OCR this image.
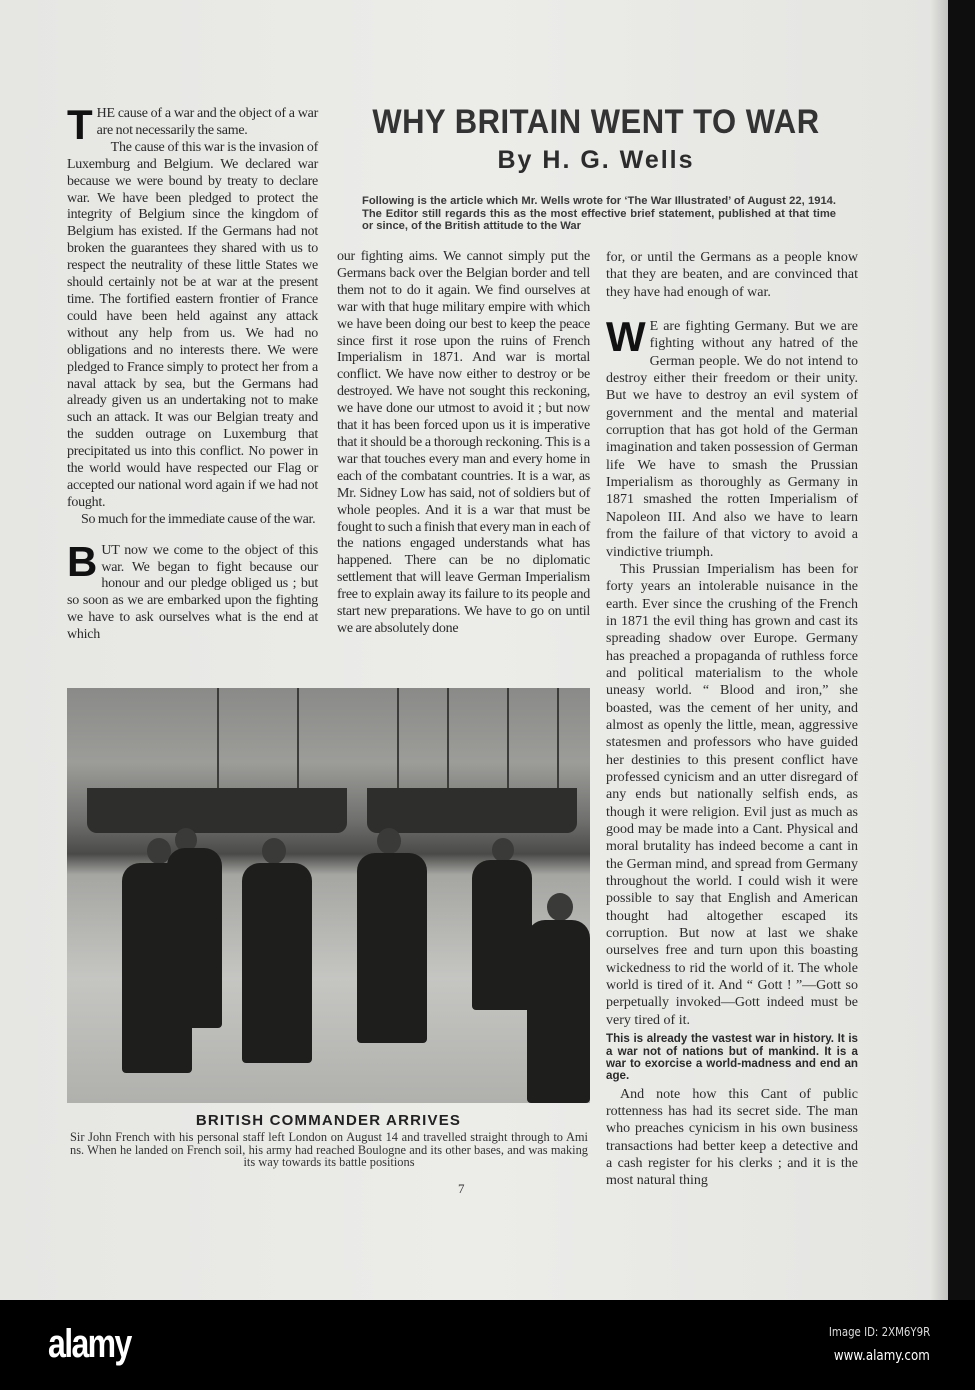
THE cause of a war and the object of a war are not necessarily the same.

The cause of this war is the invasion of Luxemburg and Belgium. We declared war because we were bound by treaty to declare war. We have been pledged to protect the integrity of Belgium since the kingdom of Belgium has existed. If the Germans had not broken the guarantees they shared with us to respect the neutrality of these little States we should certainly not be at war at the present time. The fortified eastern frontier of France could have been held against any attack without any help from us. We had no obligations and no interests there. We were pledged to France simply to protect her from a naval attack by sea, but the Germans had already given us an undertaking not to make such an attack. It was our Belgian treaty and the sudden outrage on Luxemburg that precipitated us into this conflict. No power in the world would have respected our Flag or accepted our national word again if we had not fought.

So much for the immediate cause of the war.

BUT now we come to the object of this war. We began to fight because our honour and our pledge obliged us ; but so soon as we are embarked upon the fighting we have to ask ourselves what is the end at which

WHY BRITAIN WENT TO WAR
By H. G. Wells
Following is the article which Mr. Wells wrote for ‘The War Illustrated’ of August 22, 1914. The Editor still regards this as the most effective brief statement, published at that time or since, of the British attitude to the War

our fighting aims. We cannot simply put the Germans back over the Belgian border and tell them not to do it again. We find ourselves at war with that huge military empire with which we have been doing our best to keep the peace since first it rose upon the ruins of French Imperialism in 1871. And war is mortal conflict. We have now either to destroy or be destroyed. We have not sought this reckoning, we have done our utmost to avoid it ; but now that it has been forced upon us it is imperative that it should be a thorough reckoning. This is a war that touches every man and every home in each of the combatant countries. It is a war, as Mr. Sidney Low has said, not of soldiers but of whole peoples. And it is a war that must be fought to such a finish that every man in each of the nations engaged understands what has happened. There can be no diplomatic settlement that will leave German Imperialism free to explain away its failure to its people and start new preparations. We have to go on until we are absolutely done

for, or until the Germans as a people know that they are beaten, and are convinced that they have had enough of war.

W E are fighting Germany. But we are fighting without any hatred of the German people. We do not intend to destroy either their freedom or their unity. But we have to destroy an evil system of government and the mental and material corruption that has got hold of the German imagination and taken possession of German life We have to smash the Prussian Imperialism as thoroughly as Germany in 1871 smashed the rotten Imperialism of Napoleon III. And also we have to learn from the failure of that victory to avoid a vindictive triumph.

This Prussian Imperialism has been for forty years an intolerable nuisance in the earth. Ever since the crushing of the French in 1871 the evil thing has grown and cast its spreading shadow over Europe. Germany has preached a propaganda of ruthless force and political materialism to the whole uneasy world. “ Blood and iron,” she boasted, was the cement of her unity, and almost as openly the little, mean, aggressive statesmen and professors who have guided her destinies to this present conflict have professed cynicism and an utter disregard of any ends but nationally selfish ends, as though it were religion. Evil just as much as good may be made into a Cant. Physical and moral brutality has indeed become a cant in the German mind, and spread from Germany throughout the world. I could wish it were possible to say that English and American thought had altogether escaped its corruption. But now at last we shake ourselves free and turn upon this boasting wickedness to rid the world of it. The whole world is tired of it. And “ Gott ! ”—Gott so perpetually invoked—Gott indeed must be very tired of it.

This is already the vastest war in history. It is a war not of nations but of mankind. It is a war to exorcise a world-madness and end an age.

And note how this Cant of public rottenness has had its secret side. The man who preaches cynicism in his own business transactions had better keep a detective and a cash register for his clerks ; and it is the most natural thing

BRITISH COMMANDER ARRIVES
Sir John French with his personal staff left London on August 14 and travelled straight through to Ami ns. When he landed on French soil, his army had reached Boulogne and its other bases, and was making its way towards its battle positions
7
alamy	Image ID: 2XM6Y9R
www.alamy.com
